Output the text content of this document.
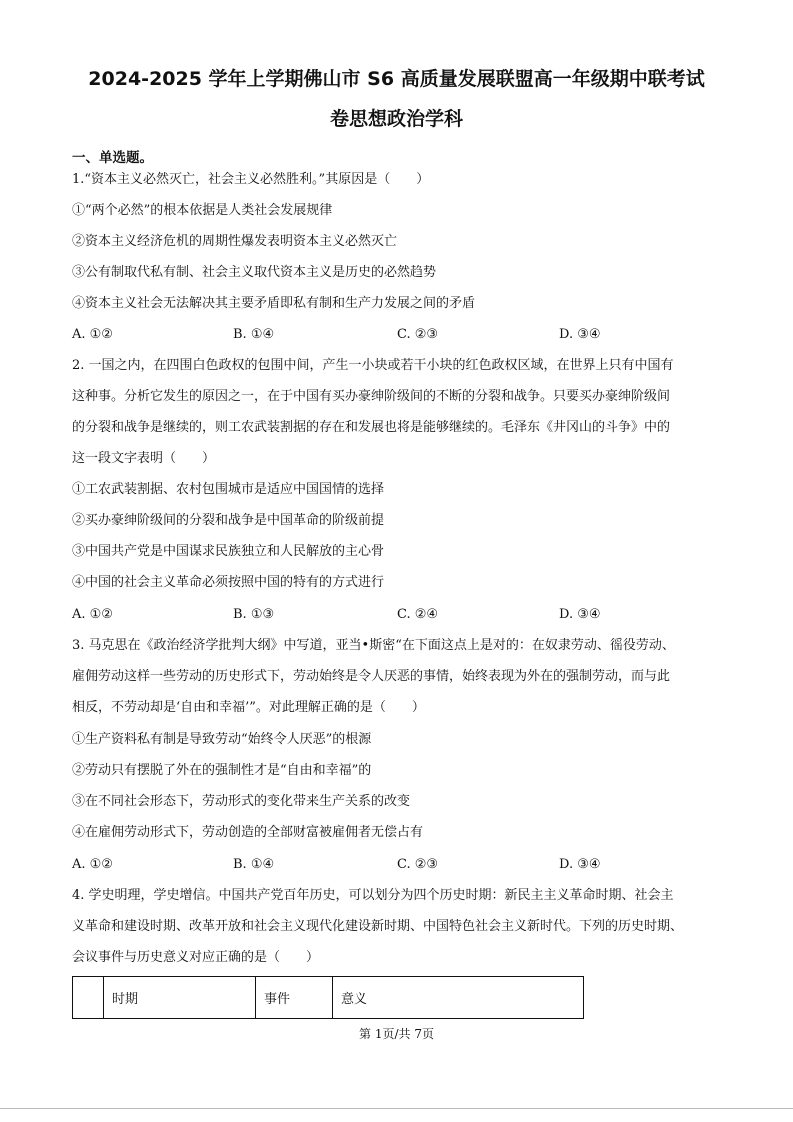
2024-2025 学年上学期佛山市 S6 高质量发展联盟高一年级期中联考试
卷思想政治学科
一、单选题。
1.“资本主义必然灭亡，社会主义必然胜利。”其原因是（　　）
①“两个必然”的根本依据是人类社会发展规律
②资本主义经济危机的周期性爆发表明资本主义必然灭亡
③公有制取代私有制、社会主义取代资本主义是历史的必然趋势
④资本主义社会无法解决其主要矛盾即私有制和生产力发展之间的矛盾
A. ①②	B. ①④	C. ②③	D. ③④
2. 一国之内，在四围白色政权的包围中间，产生一小块或若干小块的红色政权区域，在世界上只有中国有
这种事。分析它发生的原因之一，在于中国有买办豪绅阶级间的不断的分裂和战争。只要买办豪绅阶级间
的分裂和战争是继续的，则工农武装割据的存在和发展也将是能够继续的。毛泽东《井冈山的斗争》中的
这一段文字表明（　　）
①工农武装割据、农村包围城市是适应中国国情的选择
②买办豪绅阶级间的分裂和战争是中国革命的阶级前提
③中国共产党是中国谋求民族独立和人民解放的主心骨
④中国的社会主义革命必须按照中国的特有的方式进行
A. ①②	B. ①③	C. ②④	D. ③④
3. 马克思在《政治经济学批判大纲》中写道，亚当•斯密“在下面这点上是对的：在奴隶劳动、徭役劳动、
雇佣劳动这样一些劳动的历史形式下，劳动始终是令人厌恶的事情，始终表现为外在的强制劳动，而与此
相反，不劳动却是‘自由和幸福’”。对此理解正确的是（　　）
①生产资料私有制是导致劳动“始终令人厌恶”的根源
②劳动只有摆脱了外在的强制性才是“自由和幸福”的
③在不同社会形态下，劳动形式的变化带来生产关系的改变
④在雇佣劳动形式下，劳动创造的全部财富被雇佣者无偿占有
A. ①②	B. ①④	C. ②③	D. ③④
4. 学史明理，学史增信。中国共产党百年历史，可以划分为四个历史时期：新民主主义革命时期、社会主
义革命和建设时期、改革开放和社会主义现代化建设新时期、中国特色社会主义新时代。下列的历史时期、
会议事件与历史意义对应正确的是（　　）
	时期	事件	意义
第 1页/共 7页
